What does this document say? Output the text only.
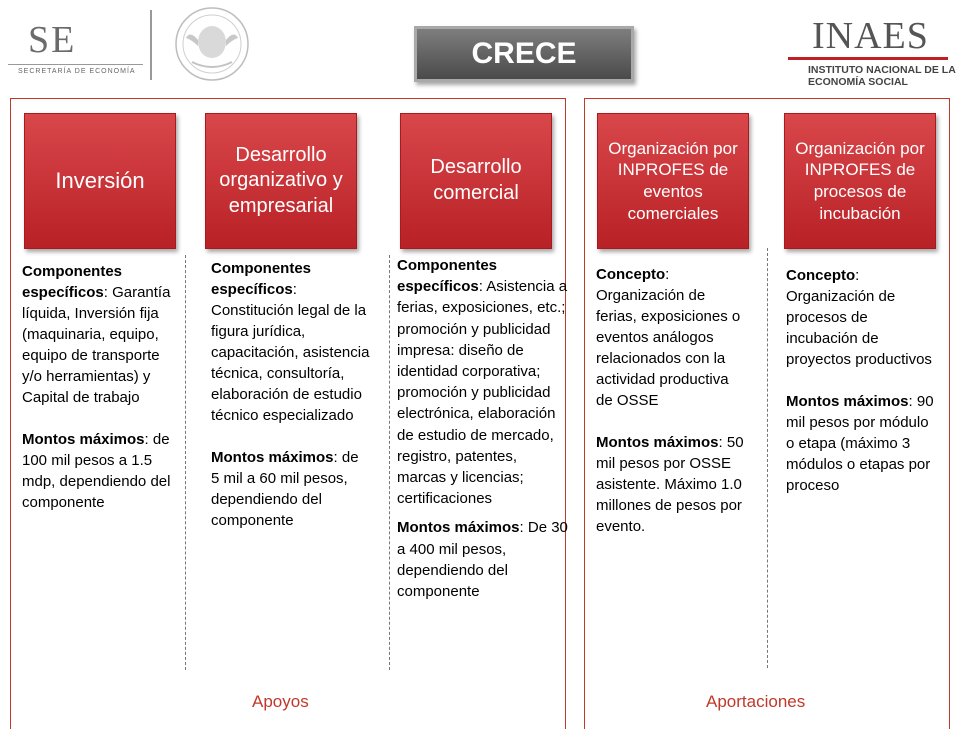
SE
SECRETARÍA DE ECONOMÍA
CRECE	INAES
INSTITUTO NACIONAL DE LA
ECONOMÍA SOCIAL
Inversión
Desarrollo organizativo y empresarial
Desarrollo comercial
Organización por INPROFES de eventos comerciales
Organización por INPROFES de procesos de incubación
Componentes específicos: Garantía líquida, Inversión fija (maquinaria, equipo, equipo de transporte y/o herramientas) y Capital de trabajo
Montos máximos: de 100 mil pesos a 1.5 mdp, dependiendo del componente
Componentes específicos: Constitución legal de la figura jurídica, capacitación, asistencia técnica, consultoría, elaboración de estudio técnico especializado
Montos máximos: de 5 mil a 60 mil pesos, dependiendo del componente
Componentes específicos: Asistencia a ferias, exposiciones, etc.; promoción y publicidad impresa: diseño de identidad corporativa; promoción y publicidad electrónica, elaboración de estudio de mercado, registro, patentes, marcas y licencias; certificaciones
Montos máximos: De 30 a 400 mil pesos, dependiendo del componente
Concepto: Organización de ferias, exposiciones o eventos análogos relacionados con la actividad productiva de OSSE
Montos máximos: 50 mil pesos por OSSE asistente. Máximo 1.0 millones de pesos por evento.
Concepto: Organización de procesos de incubación de proyectos productivos
Montos máximos: 90 mil pesos por módulo o etapa (máximo 3 módulos o etapas por proceso
Apoyos	Aportaciones
